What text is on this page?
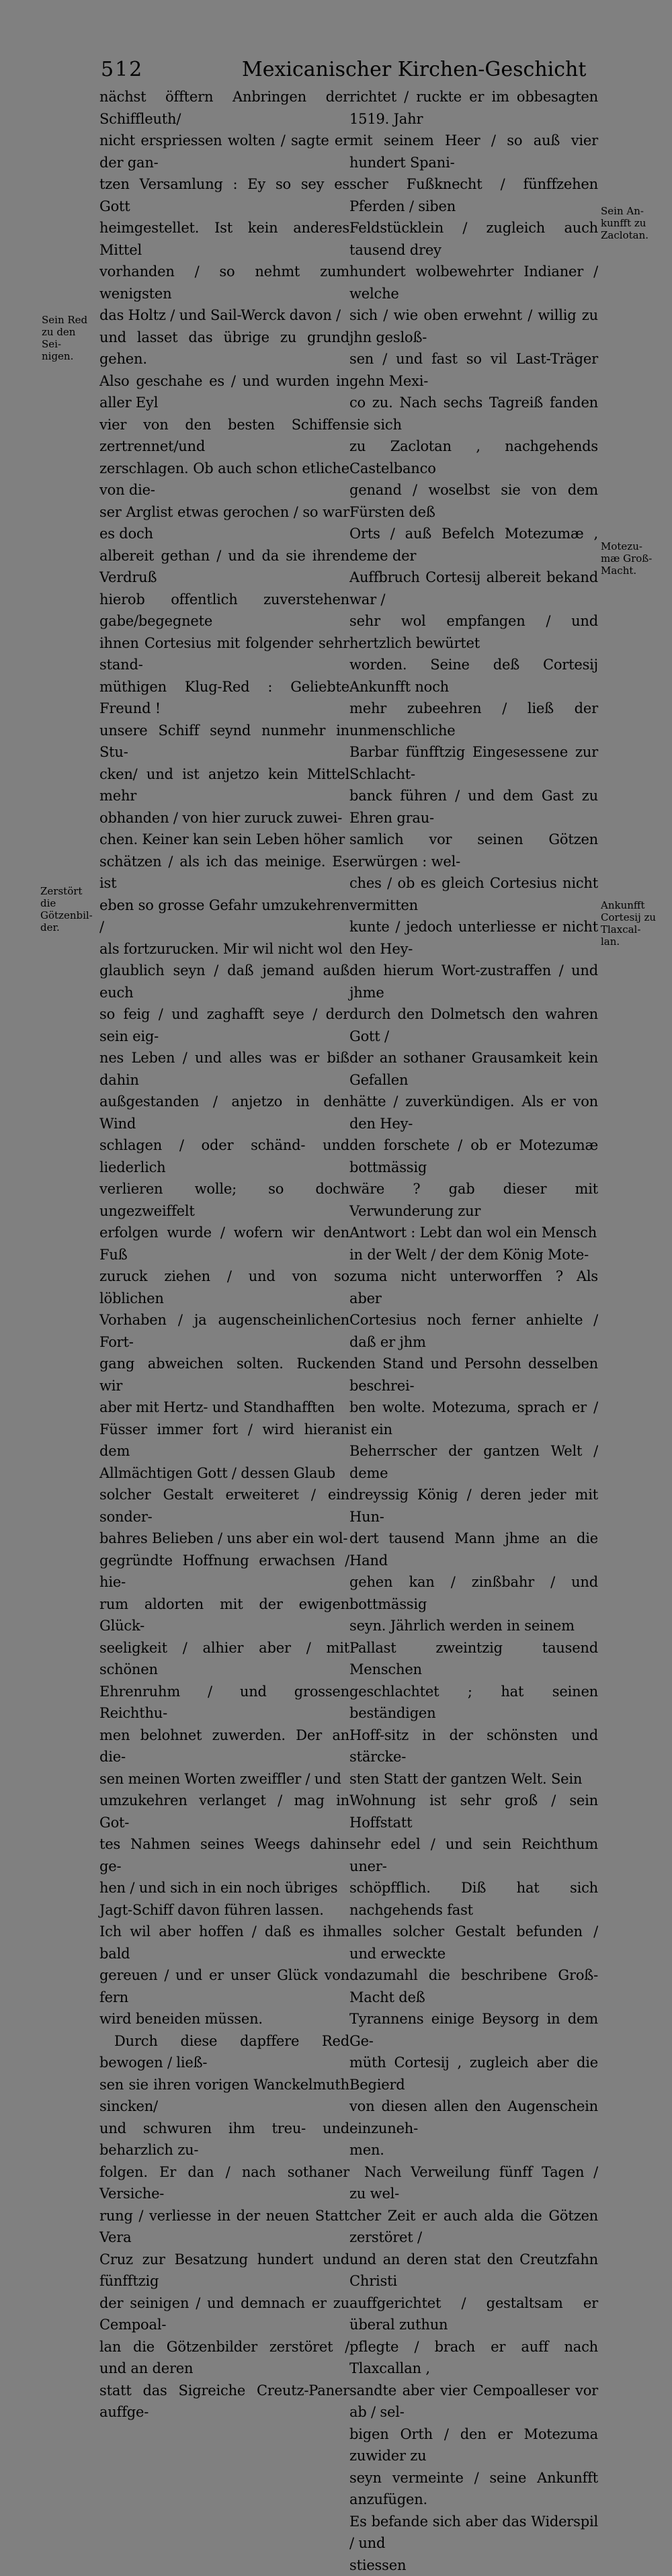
512	Mexicanischer Kirchen-Geschicht

nächst öfftern Anbringen der Schiffleuth/
nicht erspriessen wolten / sagte er der gan-
tzen Versamlung : Ey so sey es Gott
heimgestellet. Ist kein anderes Mittel
vorhanden / so nehmt zum wenigsten
das Holtz / und Sail-Werck davon /
und lasset das übrige zu grund gehen.
Also geschahe es / und wurden in aller Eyl
vier von den besten Schiffen zertrennet/und
zerschlagen. Ob auch schon etliche von die-
ser Arglist etwas gerochen / so war es doch
albereit gethan / und da sie ihren Verdruß
hierob offentlich zuverstehen gabe/begegnete
ihnen Cortesius mit folgender sehr stand-
müthigen Klug-Red : Geliebte Freund !
unsere Schiff seynd nunmehr in Stu-
cken/ und ist anjetzo kein Mittel mehr
obhanden / von hier zuruck zuwei-
chen. Keiner kan sein Leben höher
schätzen / als ich das meinige. Es ist
eben so grosse Gefahr umzukehren /
als fortzurucken. Mir wil nicht wol
glaublich seyn / daß jemand auß euch
so feig / und zaghafft seye / der sein eig-
nes Leben / und alles was er biß dahin
außgestanden / anjetzo in den Wind
schlagen / oder schänd- und liederlich
verlieren wolle; so doch ungezweiffelt
erfolgen wurde / wofern wir den Fuß
zuruck ziehen / und von so löblichen
Vorhaben / ja augenscheinlichen Fort-
gang abweichen solten. Rucken wir
aber mit Hertz- und Standhafften
Füsser immer fort / wird hieran dem
Allmächtigen Gott / dessen Glaub
solcher Gestalt erweiteret / ein sonder-
bahres Belieben / uns aber ein wol-
gegründte Hoffnung erwachsen / hie-
rum aldorten mit der ewigen Glück-
seeligkeit / alhier aber / mit schönen
Ehrenruhm / und grossen Reichthu-
men belohnet zuwerden. Der an die-
sen meinen Worten zweiffler / und
umzukehren verlanget / mag in Got-
tes Nahmen seines Weegs dahin ge-
hen / und sich in ein noch übriges
Jagt-Schiff davon führen lassen.
Ich wil aber hoffen / daß es ihm bald
gereuen / und er unser Glück von fern
wird beneiden müssen.

Durch diese dapffere Red bewogen / ließ-
sen sie ihren vorigen Wanckelmuth sincken/
und schwuren ihm treu- und beharzlich zu-
folgen. Er dan / nach sothaner Versiche-
rung / verliesse in der neuen Statt Vera
Cruz zur Besatzung hundert und fünfftzig
der seinigen / und demnach er zu Cempoal-
lan die Götzenbilder zerstöret / und an deren
statt das Sigreiche Creutz-Paner auffge-

richtet / ruckte er im obbesagten 1519. Jahr
mit seinem Heer / so auß vier hundert Spani-
scher Fußknecht / fünffzehen Pferden / siben
Feldstücklein / zugleich auch tausend drey
hundert wolbewehrter Indianer / welche
sich / wie oben erwehnt / willig zu jhn gesloß-
sen / und fast so vil Last-Träger gehn Mexi-
co zu. Nach sechs Tagreiß fanden sie sich
zu Zaclotan , nachgehends Castelbanco
genand / woselbst sie von dem Fürsten deß
Orts / auß Befelch Motezumæ , deme der
Auffbruch Cortesij albereit bekand war /
sehr wol empfangen / und hertzlich bewürtet
worden. Seine deß Cortesij Ankunfft noch
mehr zubeehren / ließ der unmenschliche
Barbar fünfftzig Eingesessene zur Schlacht-
banck führen / und dem Gast zu Ehren grau-
samlich vor seinen Götzen erwürgen : wel-
ches / ob es gleich Cortesius nicht vermitten
kunte / jedoch unterliesse er nicht den Hey-
den hierum Wort-zustraffen / und jhme
durch den Dolmetsch den wahren Gott /
der an sothaner Grausamkeit kein Gefallen
hätte / zuverkündigen. Als er von den Hey-
den forschete / ob er Motezumæ bottmässig
wäre ? gab dieser mit Verwunderung zur
Antwort : Lebt dan wol ein Mensch
in der Welt / der dem König Mote-
zuma nicht unterworffen ? Als aber
Cortesius noch ferner anhielte / daß er jhm
den Stand und Persohn desselben beschrei-
ben wolte. Motezuma, sprach er / ist ein
Beherrscher der gantzen Welt / deme
dreyssig König / deren jeder mit Hun-
dert tausend Mann jhme an die Hand
gehen kan / zinßbahr / und bottmässig
seyn. Jährlich werden in seinem
Pallast zweintzig tausend Menschen
geschlachtet ; hat seinen beständigen
Hoff-sitz in der schönsten und stärcke-
sten Statt der gantzen Welt. Sein
Wohnung ist sehr groß / sein Hoffstatt
sehr edel / und sein Reichthum uner-
schöpfflich. Diß hat sich nachgehends fast
alles solcher Gestalt befunden / und erweckte
dazumahl die beschribene Groß-Macht deß
Tyrannens einige Beysorg in dem Ge-
müth Cortesij , zugleich aber die Begierd
von diesen allen den Augenschein einzuneh-
men.

Nach Verweilung fünff Tagen / zu wel-
cher Zeit er auch alda die Götzen zerstöret /
und an deren stat den Creutzfahn Christi
auffgerichtet / gestaltsam er überal zuthun
pflegte / brach er auff nach Tlaxcallan ,
sandte aber vier Cempoalleser vor ab / sel-
bigen Orth / den er Motezuma zuwider zu
seyn vermeinte / seine Ankunfft anzufügen.
Es befande sich aber das Widerspil / und
stiessen

Sein Red
zu den Sei-
nigen.
Zerstört die
Götzenbil-
der.
Sein An-
kunfft zu
Zaclotan.
Motezu-
mæ Groß-
Macht.
Ankunfft
Cortesij zu
Tlaxcal-
lan.
